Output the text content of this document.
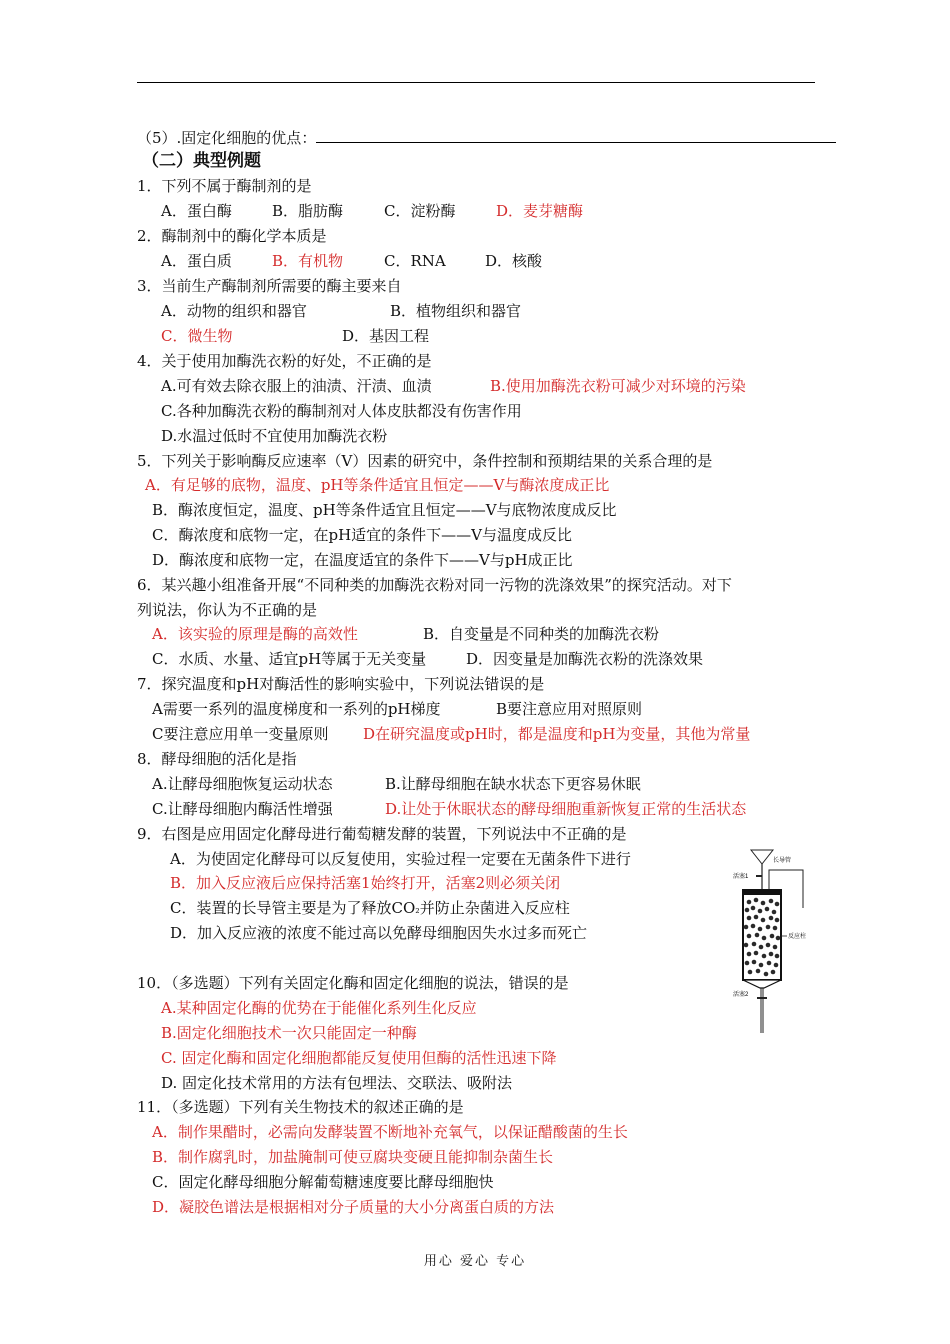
（5）.固定化细胞的优点：
（二）典型例题
1．下列不属于酶制剂的是
A．蛋白酶	B．脂肪酶	C．淀粉酶	D．麦芽糖酶
2．酶制剂中的酶化学本质是
A．蛋白质	B．有机物	C．RNA	D．核酸
3．当前生产酶制剂所需要的酶主要来自
A．动物的组织和器官	B．植物组织和器官
C．微生物	D．基因工程
4．关于使用加酶洗衣粉的好处，不正确的是
A.可有效去除衣服上的油渍、汗渍、血渍	B.使用加酶洗衣粉可减少对环境的污染
C.各种加酶洗衣粉的酶制剂对人体皮肤都没有伤害作用
D.水温过低时不宜使用加酶洗衣粉
5．下列关于影响酶反应速率（V）因素的研究中，条件控制和预期结果的关系合理的是
A．有足够的底物，温度、pH等条件适宜且恒定——V与酶浓度成正比
B．酶浓度恒定，温度、pH等条件适宜且恒定——V与底物浓度成反比
C．酶浓度和底物一定，在pH适宜的条件下——V与温度成反比
D．酶浓度和底物一定，在温度适宜的条件下——V与pH成正比
6．某兴趣小组准备开展“不同种类的加酶洗衣粉对同一污物的洗涤效果”的探究活动。对下
列说法，你认为不正确的是
A．该实验的原理是酶的高效性	B．自变量是不同种类的加酶洗衣粉
C．水质、水量、适宜pH等属于无关变量	D．因变量是加酶洗衣粉的洗涤效果
7．探究温度和pH对酶活性的影响实验中，下列说法错误的是
A需要一系列的温度梯度和一系列的pH梯度	B要注意应用对照原则
C要注意应用单一变量原则 D在研究温度或pH时，都是温度和pH为变量，其他为常量
8．酵母细胞的活化是指
A.让酵母细胞恢复运动状态	B.让酵母细胞在缺水状态下更容易休眠
C.让酵母细胞内酶活性增强	D.让处于休眠状态的酵母细胞重新恢复正常的生活状态
9．右图是应用固定化酵母进行葡萄糖发酵的装置，下列说法中不正确的是
A．为使固定化酵母可以反复使用，实验过程一定要在无菌条件下进行
B．加入反应液后应保持活塞1始终打开，活塞2则必须关闭
C．装置的长导管主要是为了释放CO₂并防止杂菌进入反应柱
D．加入反应液的浓度不能过高以免酵母细胞因失水过多而死亡
活塞1
长导管
反应柱
活塞2
10．（多选题）下列有关固定化酶和固定化细胞的说法，错误的是
A.某种固定化酶的优势在于能催化系列生化反应
B.固定化细胞技术一次只能固定一种酶
C. 固定化酶和固定化细胞都能反复使用但酶的活性迅速下降
D. 固定化技术常用的方法有包埋法、交联法、吸附法
11．（多选题）下列有关生物技术的叙述正确的是
A．制作果醋时，必需向发酵装置不断地补充氧气，以保证醋酸菌的生长
B．制作腐乳时，加盐腌制可使豆腐块变硬且能抑制杂菌生长
C．固定化酵母细胞分解葡萄糖速度要比酵母细胞快
D．凝胶色谱法是根据相对分子质量的大小分离蛋白质的方法
用心 爱心 专心
